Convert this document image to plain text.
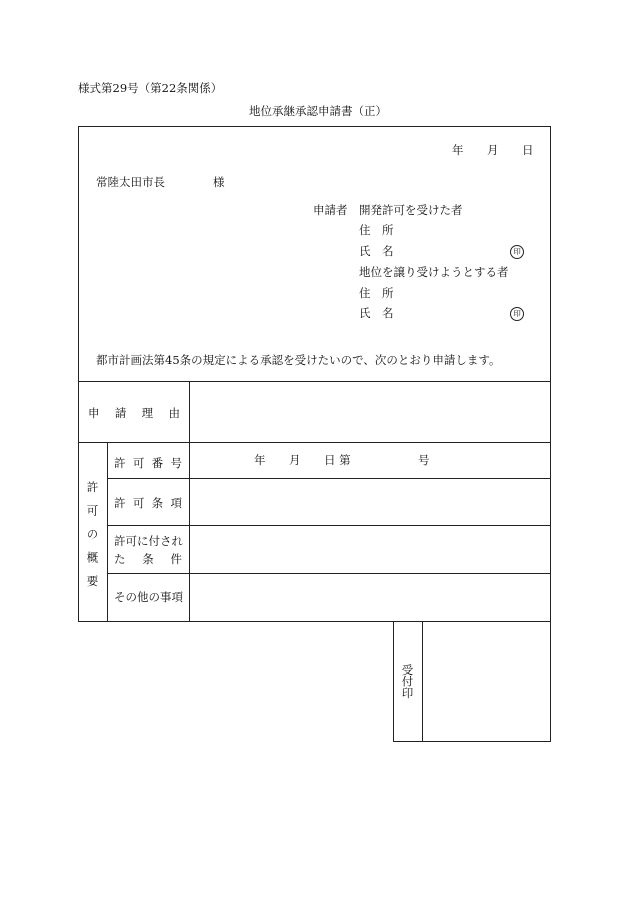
様式第29号（第22条関係）
地位承継承認申請書（正）
年 月 日
常陸太田市長	様
申請者 開発許可を受けた者
住　所
氏　名	印
地位を譲り受けようとする者
住　所
氏　名	印
都市計画法第45条の規定による承認を受けたいので、次のとおり申請します。
申 請 理 由
許可の概要
許 可 番 号	年 月 日 第	号
許 可 条 項
許可に付され
た 条 件
その他の事項
受付印
